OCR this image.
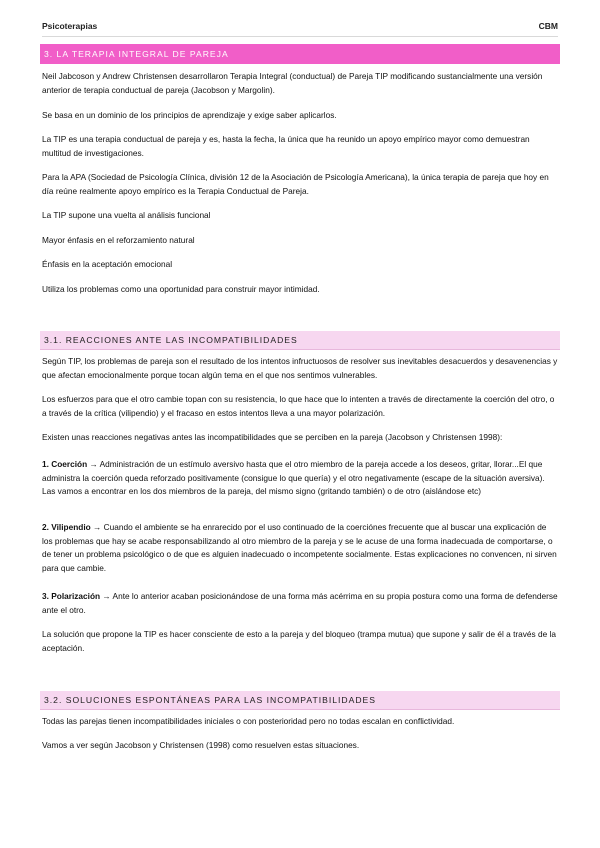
Psicoterapias	CBM
3. LA TERAPIA INTEGRAL DE PAREJA

Neil Jabcoson y Andrew Christensen desarrollaron Terapia Integral (conductual) de Pareja TIP modificando sustancialmente una versión anterior de terapia conductual de pareja (Jacobson y Margolin).

Se basa en un dominio de los principios de aprendizaje y exige saber aplicarlos.

La TIP es una terapia conductual de pareja y es, hasta la fecha, la única que ha reunido un apoyo empírico mayor como demuestran multitud de investigaciones.

Para la APA (Sociedad de Psicología Clínica, división 12 de la Asociación de Psicología Americana), la única terapia de pareja que hoy en día reúne realmente apoyo empírico es la Terapia Conductual de Pareja.

La TIP supone una vuelta al análisis funcional

Mayor énfasis en el reforzamiento natural

Énfasis en la aceptación emocional

Utiliza los problemas como una oportunidad para construir mayor intimidad.

3.1. REACCIONES ANTE LAS INCOMPATIBILIDADES

Según TIP, los problemas de pareja son el resultado de los intentos infructuosos de resolver sus inevitables desacuerdos y desavenencias y que afectan emocionalmente porque tocan algún tema en el que nos sentimos vulnerables.

Los esfuerzos para que el otro cambie topan con su resistencia, lo que hace que lo intenten a través de directamente la coerción del otro, o a través de la crítica (vilipendio) y el fracaso en estos intentos lleva a una mayor polarización.

Existen unas reacciones negativas antes las incompatibilidades que se perciben en la pareja (Jacobson y Christensen 1998):

1. Coerción → Administración de un estímulo aversivo hasta que el otro miembro de la pareja accede a los deseos, gritar, llorar...El que administra la coerción queda reforzado positivamente (consigue lo que quería) y el otro negativamente (escape de la situación aversiva). Las vamos a encontrar en los dos miembros de la pareja, del mismo signo (gritando también) o de otro (aislándose etc)

2. Vilipendio → Cuando el ambiente se ha enrarecido por el uso continuado de la coerciónes frecuente que al buscar una explicación de los problemas que hay se acabe responsabilizando al otro miembro de la pareja y se le acuse de una forma inadecuada de comportarse, o de tener un problema psicológico o de que es alguien inadecuado o incompetente socialmente. Estas explicaciones no convencen, ni sirven para que cambie.

3. Polarización → Ante lo anterior acaban posicionándose de una forma más acérrima en su propia postura como una forma de defenderse ante el otro.

La solución que propone la TIP es hacer consciente de esto a la pareja y del bloqueo (trampa mutua) que supone y salir de él a través de la aceptación.

3.2. SOLUCIONES ESPONTÁNEAS PARA LAS INCOMPATIBILIDADES

Todas las parejas tienen incompatibilidades iniciales o con posterioridad pero no todas escalan en conflictividad.

Vamos a ver según Jacobson y Christensen (1998) como resuelven estas situaciones.
